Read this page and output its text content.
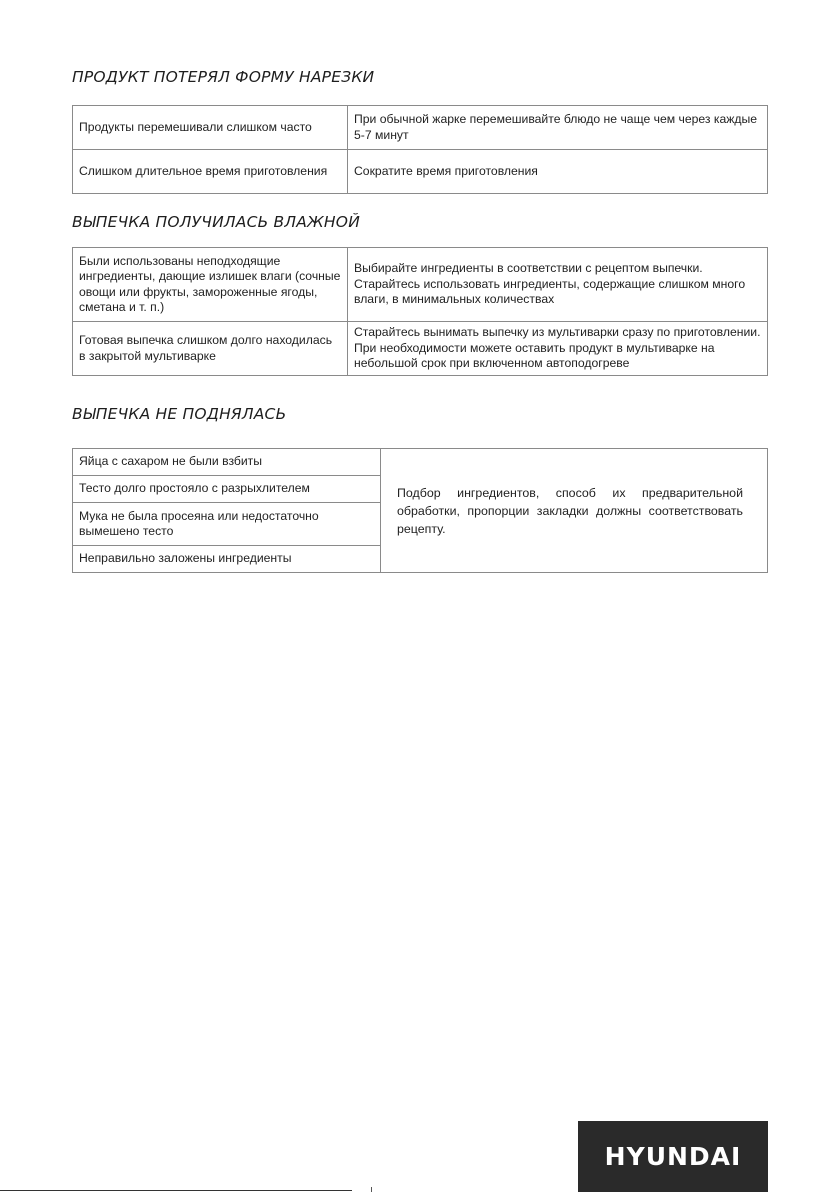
ПРОДУКТ ПОТЕРЯЛ ФОРМУ НАРЕЗКИ
Продукты перемешивали слишком часто	При обычной жарке перемешивайте блюдо не чаще чем через каждые 5-7 минут
Слишком длительное время приготовления	Сократите время приготовления
ВЫПЕЧКА ПОЛУЧИЛАСЬ ВЛАЖНОЙ
Были использованы неподходящие ингредиенты, дающие излишек влаги (сочные овощи или фрукты, замороженные ягоды, сметана и т. п.)	Выбирайте ингредиенты в соответствии с рецептом выпечки. Старайтесь использовать ингредиенты, содержащие слишком много влаги, в минимальных количествах
Готовая выпечка слишком долго находилась в закрытой мультиварке	Старайтесь вынимать выпечку из мультиварки сразу по приготовлении. При необходимости можете оставить продукт в мультиварке на небольшой срок при включенном автоподогреве
ВЫПЕЧКА НЕ ПОДНЯЛАСЬ
Яйца с сахаром не были взбиты	Подбор ингредиентов, способ их предварительной обработки, пропорции закладки должны соответствовать рецепту.
Тесто долго простояло с разрыхлителем
Мука не была просеяна или недостаточно вымешено тесто
Неправильно заложены ингредиенты
HYUNDAI
